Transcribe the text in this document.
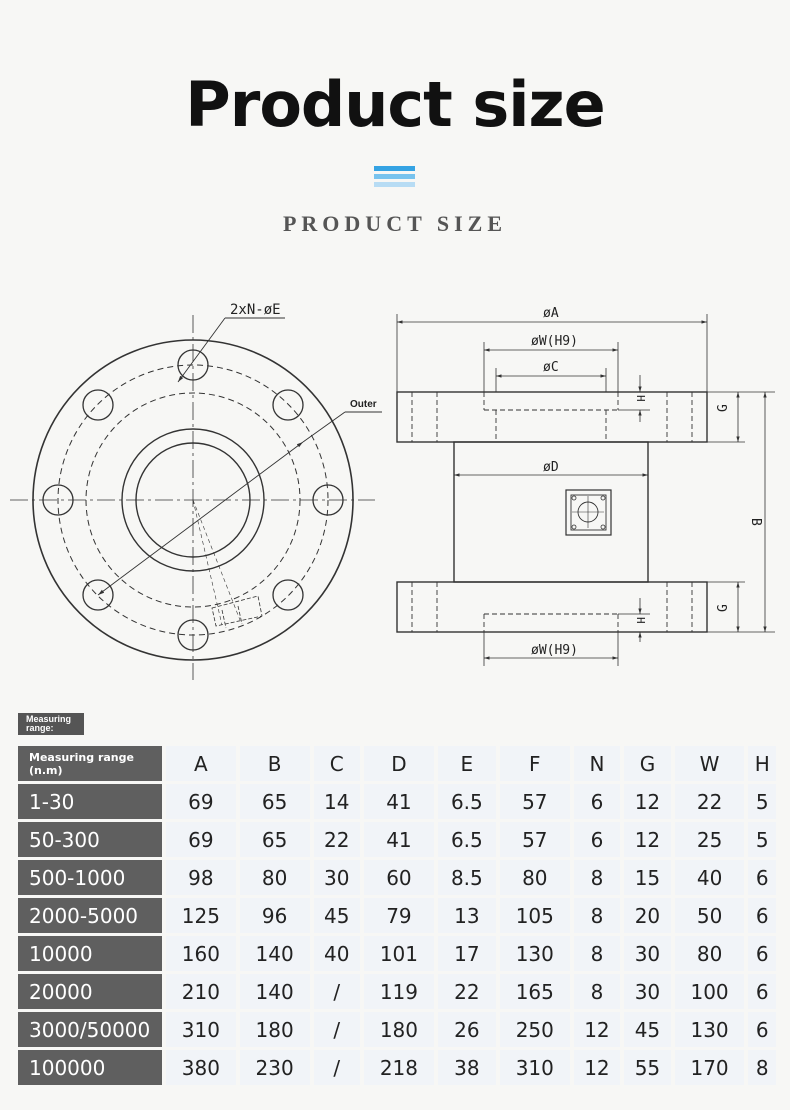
Product size
PRODUCT SIZE
2xN-øE
Outer
øA
øW(H9)
øC
øD
øW(H9)
H
H
G
G
B
Measuring range:
Measuring range (n.m)	A	B	C	D	E	F	N	G	W	H
1-30	69	65	14	41	6.5	57	6	12	22	5
50-300	69	65	22	41	6.5	57	6	12	25	5
500-1000	98	80	30	60	8.5	80	8	15	40	6
2000-5000	125	96	45	79	13	105	8	20	50	6
10000	160	140	40	101	17	130	8	30	80	6
20000	210	140	/	119	22	165	8	30	100	6
3000/50000	310	180	/	180	26	250	12	45	130	6
100000	380	230	/	218	38	310	12	55	170	8
